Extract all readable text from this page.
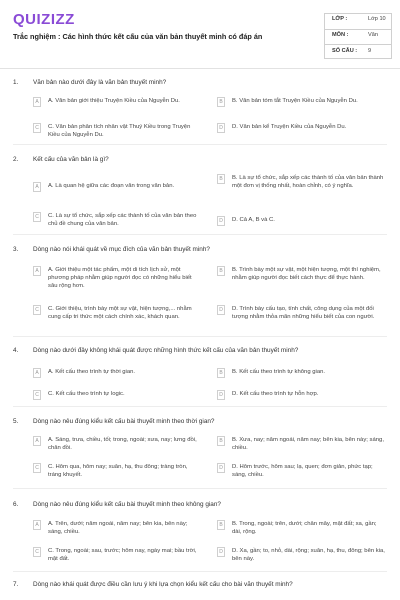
QUIZIZZ
Trắc nghiệm : Các hình thức kết cấu của văn bản thuyết minh có đáp án
LỚP :	Lớp 10
MÔN :	Văn
SỐ CÂU : 9
1. Văn bản nào dưới đây là văn bản thuyết minh?
A	A. Văn bản giới thiệu Truyện Kiều của Nguyễn Du.	B	B. Văn bản tóm tắt Truyện Kiều của Nguyễn Du.
C	C. Văn bản phân tích nhân vật Thuý Kiều trong Truyện Kiều của Nguyễn Du.
D	D. Văn bản kể Truyện Kiều của Nguyễn Du.
2. Kết cấu của văn bản là gì?
A	A. Là quan hệ giữa các đoạn văn trong văn bản.
B	B. Là sự tổ chức, sắp xếp các thành tố của văn bản thành một đơn vị thống nhất, hoàn chỉnh, có ý nghĩa.
C	C. Là sự tổ chức, sắp xếp các thành tố của văn bản theo chủ đề chung của văn bản.	D	D. Cả A, B và C.
3. Dòng nào nói khái quát về mục đích của văn bản thuyết minh?
A	A. Giới thiệu một tác phẩm, một di tích lịch sử, một phương pháp nhằm giúp người đọc có những hiểu biết sâu rộng hơn.
B	B. Trình bày một sự vật, một hiện tượng, một thí nghiệm, nhằm giúp người đọc biết cách thực để thực hành.
C	C. Giới thiệu, trình bày một sự vật, hiện tượng,... nhằm cung cấp tri thức một cách chính xác, khách quan.
D	D. Trình bày cấu tạo, tính chất, công dụng của một đối tượng nhằm thỏa mãn những hiểu biết của con người.
4. Dòng nào dưới đây không khái quát được những hình thức kết cấu của văn bản thuyết minh?
A	A. Kết cấu theo trình tự thời gian.	B	B. Kết cấu theo trình tự không gian.
C	C. Kết cấu theo trình tự logic.	D	D. Kết cấu theo trình tự hỗn hợp.
5. Dòng nào nêu đúng kiểu kết cấu bài thuyết minh theo thời gian?
A	A. Sáng, trưa, chiều, tối; trong, ngoài; xưa, nay; lưng đồi, chân đồi.
B	B. Xưa, nay; năm ngoái, năm nay; bên kia, bên này; sáng, chiều.
C	C. Hôm qua, hôm nay; xuân, hạ, thu đông; tràng tròn, tráng khuyết.
D	D. Hôm trước, hôm sau; lạ, quen; đơn giản, phức tạp; sáng, chiều.
6. Dòng nào nêu đúng kiểu kết cấu bài thuyết minh theo không gian?
A	A. Trên, dưới; năm ngoái, năm nay; bên kia, bên này; sáng, chiều.
B	B. Trong, ngoài; trên, dưới; chân mây, mặt đất; xa, gần; dài, rộng.
C	C. Trong, ngoài; sau, trước; hôm nay, ngày mai; bầu trời, mặt đất.
D	D. Xa, gần; to, nhỏ, dài, rộng; xuân, hạ, thu, đông; bên kia, bên này.
7. Dòng nào khái quát được điều cần lưu ý khi lựa chọn kiểu kết cấu cho bài văn thuyết minh?
